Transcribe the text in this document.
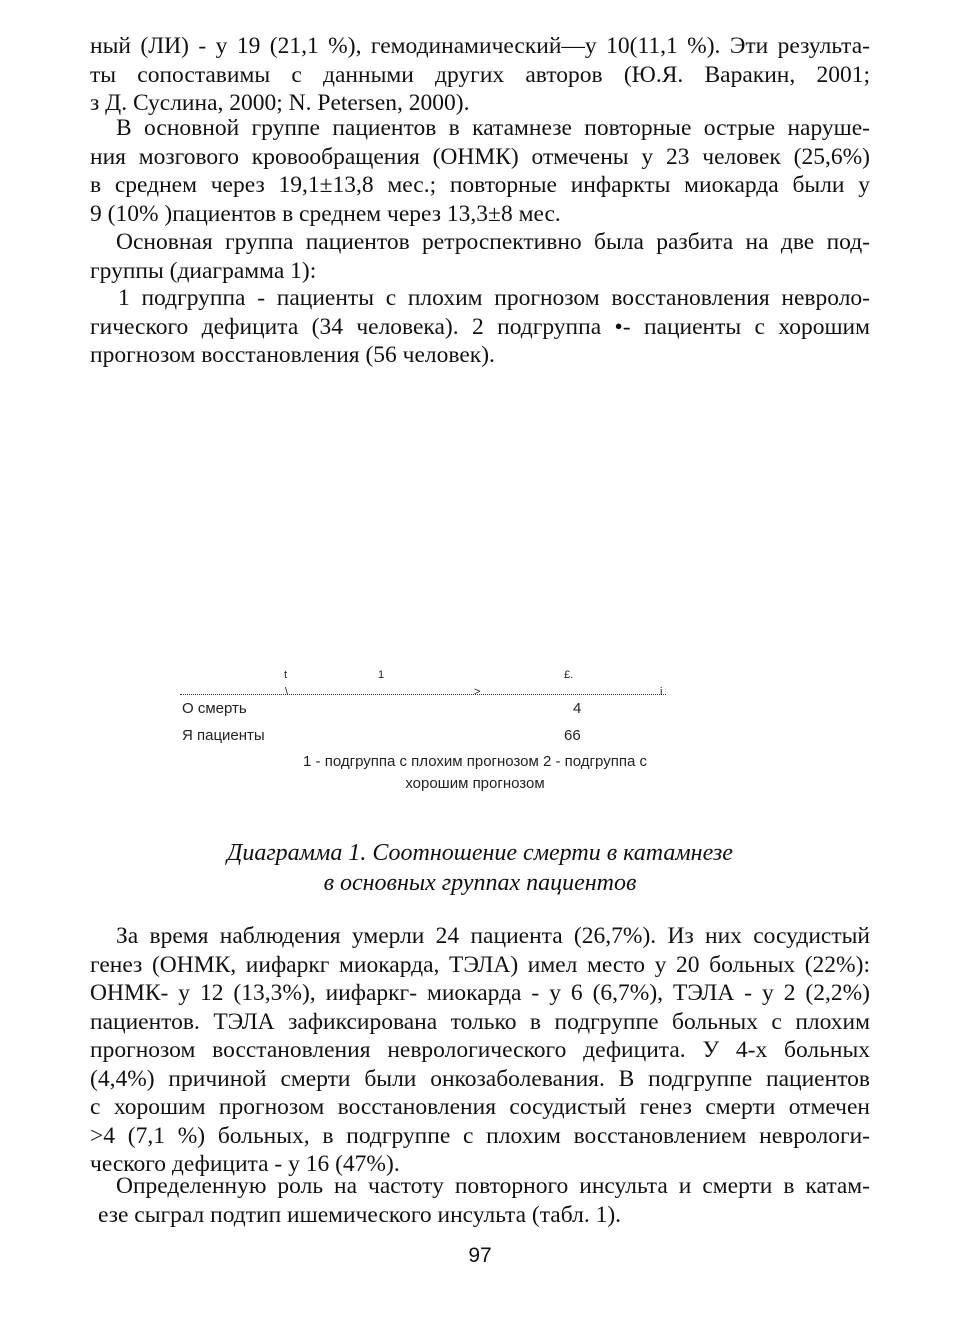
ный (ЛИ) - у 19 (21,1 %), гемодинамический—у 10(11,1 %). Эти результа-
ты сопоставимы с данными других авторов (Ю.Я. Варакин, 2001;
з Д. Суслина, 2000; N. Petersen, 2000).
В основной группе пациентов в катамнезе повторные острые наруше-
ния мозгового кровообращения (ОНМК) отмечены у 23 человек (25,6%)
в среднем через 19,1±13,8 мес.; повторные инфаркты миокарда были у
9 (10% )пациентов в среднем через 13,3±8 мес.
Основная группа пациентов ретроспективно была разбита на две под-
группы (диаграмма 1):
1 подгруппа - пациенты с плохим прогнозом восстановления невроло-
гического дефицита (34 человека). 2 подгруппа •- пациенты с хорошим
прогнозом восстановления (56 человек).
t	1	£.
\	>	i
О смерть	4
Я пациенты	66
1 - подгруппа с плохим прогнозом 2 - подгруппа с
хорошим прогнозом
Диаграмма 1. Соотношение смерти в катамнезе
в основных группах пациентов
За время наблюдения умерли 24 пациента (26,7%). Из них сосудистый
генез (ОНМК, иифаркг миокарда, ТЭЛА) имел место у 20 больных (22%):
ОНМК- у 12 (13,3%), иифаркг- миокарда - у 6 (6,7%), ТЭЛА - у 2 (2,2%)
пациентов. ТЭЛА зафиксирована только в подгруппе больных с плохим
прогнозом восстановления неврологического дефицита. У 4-х больных
(4,4%) причиной смерти были онкозаболевания. В подгруппе пациентов
с хорошим прогнозом восстановления сосудистый генез смерти отмечен
>4 (7,1 %) больных, в подгруппе с плохим восстановлением неврологи-
ческого дефицита - у 16 (47%).
Определенную роль на частоту повторного инсульта и смерти в катам-
езе сыграл подтип ишемического инсульта (табл. 1).
97
